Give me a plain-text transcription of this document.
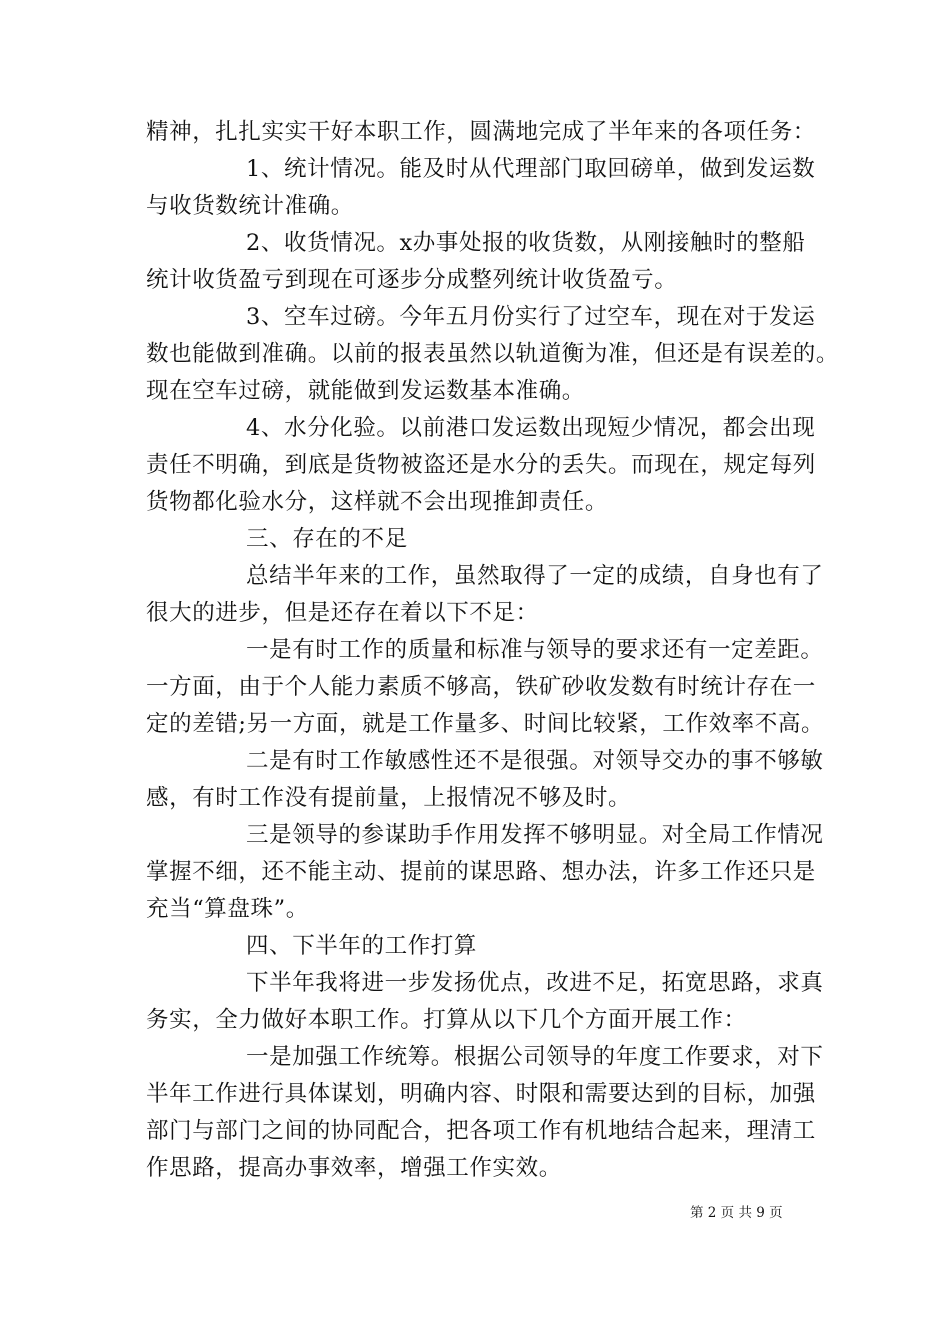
精神，扎扎实实干好本职工作，圆满地完成了半年来的各项任务：
1、统计情况。能及时从代理部门取回磅单，做到发运数
与收货数统计准确。
2、收货情况。x办事处报的收货数，从刚接触时的整船
统计收货盈亏到现在可逐步分成整列统计收货盈亏。
3、空车过磅。今年五月份实行了过空车，现在对于发运
数也能做到准确。以前的报表虽然以轨道衡为准，但还是有误差的。
现在空车过磅，就能做到发运数基本准确。
4、水分化验。以前港口发运数出现短少情况，都会出现
责任不明确，到底是货物被盗还是水分的丢失。而现在，规定每列
货物都化验水分，这样就不会出现推卸责任。
三、存在的不足
总结半年来的工作，虽然取得了一定的成绩，自身也有了
很大的进步，但是还存在着以下不足：
一是有时工作的质量和标准与领导的要求还有一定差距。
一方面，由于个人能力素质不够高，铁矿砂收发数有时统计存在一
定的差错;另一方面，就是工作量多、时间比较紧，工作效率不高。
二是有时工作敏感性还不是很强。对领导交办的事不够敏
感，有时工作没有提前量，上报情况不够及时。
三是领导的参谋助手作用发挥不够明显。对全局工作情况
掌握不细，还不能主动、提前的谋思路、想办法，许多工作还只是
充当“算盘珠”。
四、下半年的工作打算
下半年我将进一步发扬优点，改进不足，拓宽思路，求真
务实，全力做好本职工作。打算从以下几个方面开展工作：
一是加强工作统筹。根据公司领导的年度工作要求，对下
半年工作进行具体谋划，明确内容、时限和需要达到的目标，加强
部门与部门之间的协同配合，把各项工作有机地结合起来，理清工
作思路，提高办事效率，增强工作实效。
第 2 页 共 9 页
